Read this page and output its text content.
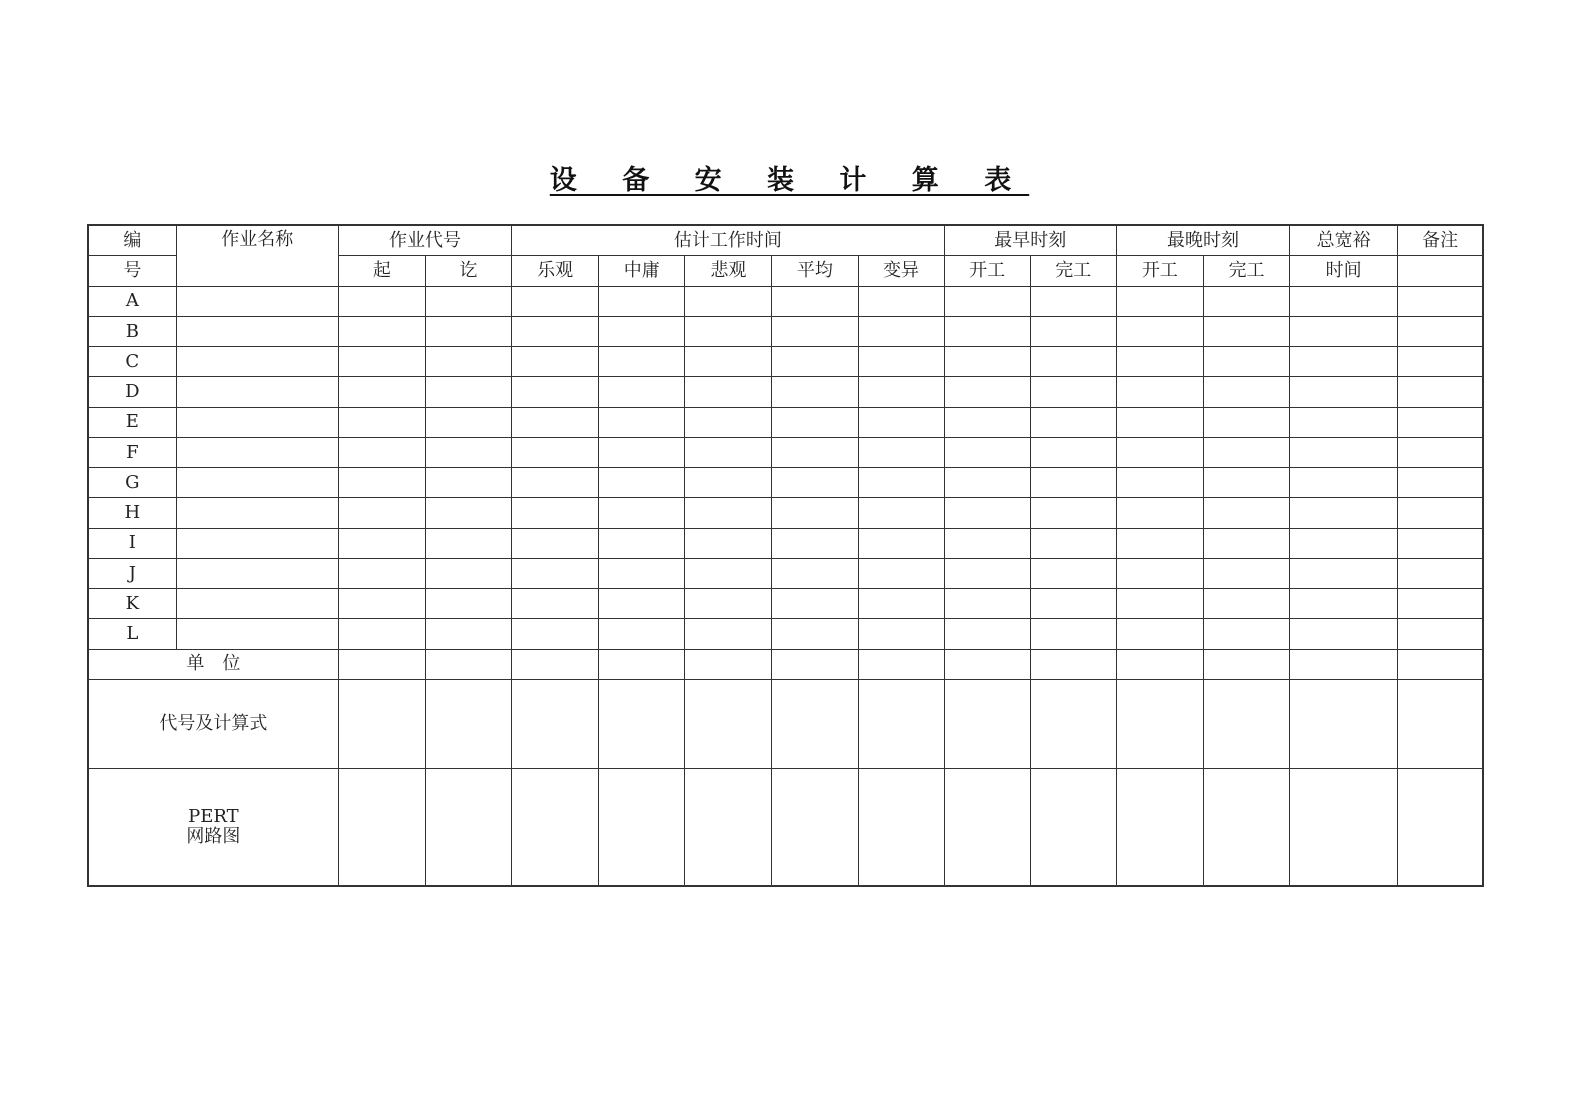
设 备 安 装 计 算 表
编	作业名称	作业代号		估计工作时间					最早时刻		最晚时刻		总宽裕	备注
号		起	讫	乐观	中庸	悲观	平均	变异	开工	完工	开工	完工	时间	
A														
B														
C														
D														
E														
F														
G														
H														
I														
J														
K														
L														
单　位														
代号及计算式														

PERT
网路图														
